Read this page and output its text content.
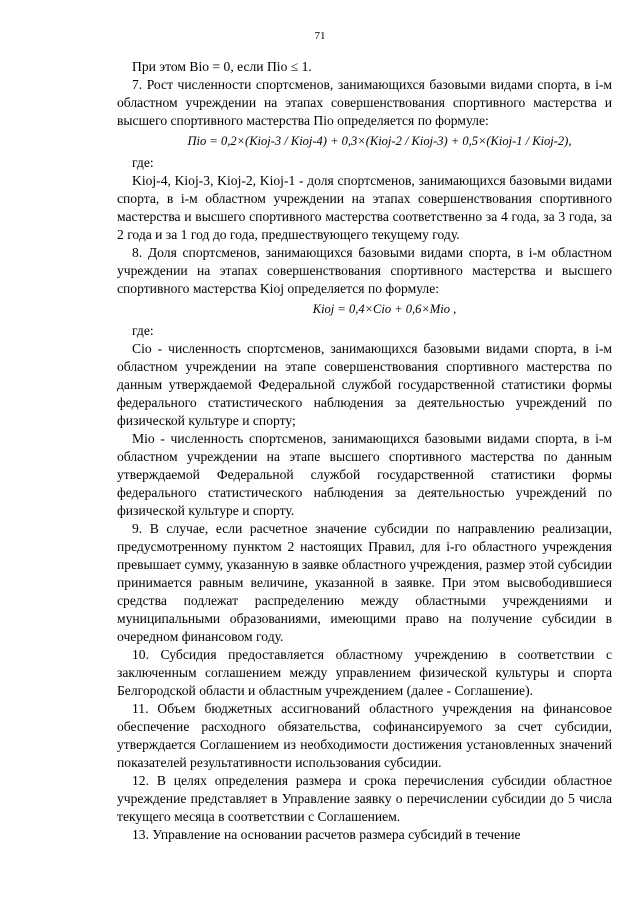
71

При этом Bio = 0, если Пio ≤ 1.

7. Рост численности спортсменов, занимающихся базовыми видами спорта, в i-м областном учреждении на этапах совершенствования спортивного мастерства и высшего спортивного мастерства Пio определяется по формуле:

Пio = 0,2×(Kioj-3 / Kioj-4) + 0,3×(Kioj-2 / Kioj-3) + 0,5×(Kioj-1 / Kioj-2),

где:

Kioj-4, Kioj-3, Kioj-2, Kioj-1 - доля спортсменов, занимающихся базовыми видами спорта, в i-м областном учреждении на этапах совершенствования спортивного мастерства и высшего спортивного мастерства соответственно за 4 года, за 3 года, за 2 года и за 1 год до года, предшествующего текущему году.

8. Доля спортсменов, занимающихся базовыми видами спорта, в i-м областном учреждении на этапах совершенствования спортивного мастерства и высшего спортивного мастерства Kioj определяется по формуле:

Kioj = 0,4×Cio + 0,6×Mio ,

где:

Cio - численность спортсменов, занимающихся базовыми видами спорта, в i-м областном учреждении на этапе совершенствования спортивного мастерства по данным утверждаемой Федеральной службой государственной статистики формы федерального статистического наблюдения за деятельностью учреждений по физической культуре и спорту;

Mio - численность спортсменов, занимающихся базовыми видами спорта, в i-м областном учреждении на этапе высшего спортивного мастерства по данным утверждаемой Федеральной службой государственной статистики формы федерального статистического наблюдения за деятельностью учреждений по физической культуре и спорту.

9. В случае, если расчетное значение субсидии по направлению реализации, предусмотренному пунктом 2 настоящих Правил, для i-го областного учреждения превышает сумму, указанную в заявке областного учреждения, размер этой субсидии принимается равным величине, указанной в заявке. При этом высвободившиеся средства подлежат распределению между областными учреждениями и муниципальными образованиями, имеющими право на получение субсидии в очередном финансовом году.

10. Субсидия предоставляется областному учреждению в соответствии с заключенным соглашением между управлением физической культуры и спорта Белгородской области и областным учреждением (далее - Соглашение).

11. Объем бюджетных ассигнований областного учреждения на финансовое обеспечение расходного обязательства, софинансируемого за счет субсидии, утверждается Соглашением из необходимости достижения установленных значений показателей результативности использования субсидии.

12. В целях определения размера и срока перечисления субсидии областное учреждение представляет в Управление заявку о перечислении субсидии до 5 числа текущего месяца в соответствии с Соглашением.

13. Управление на основании расчетов размера субсидий в течение
